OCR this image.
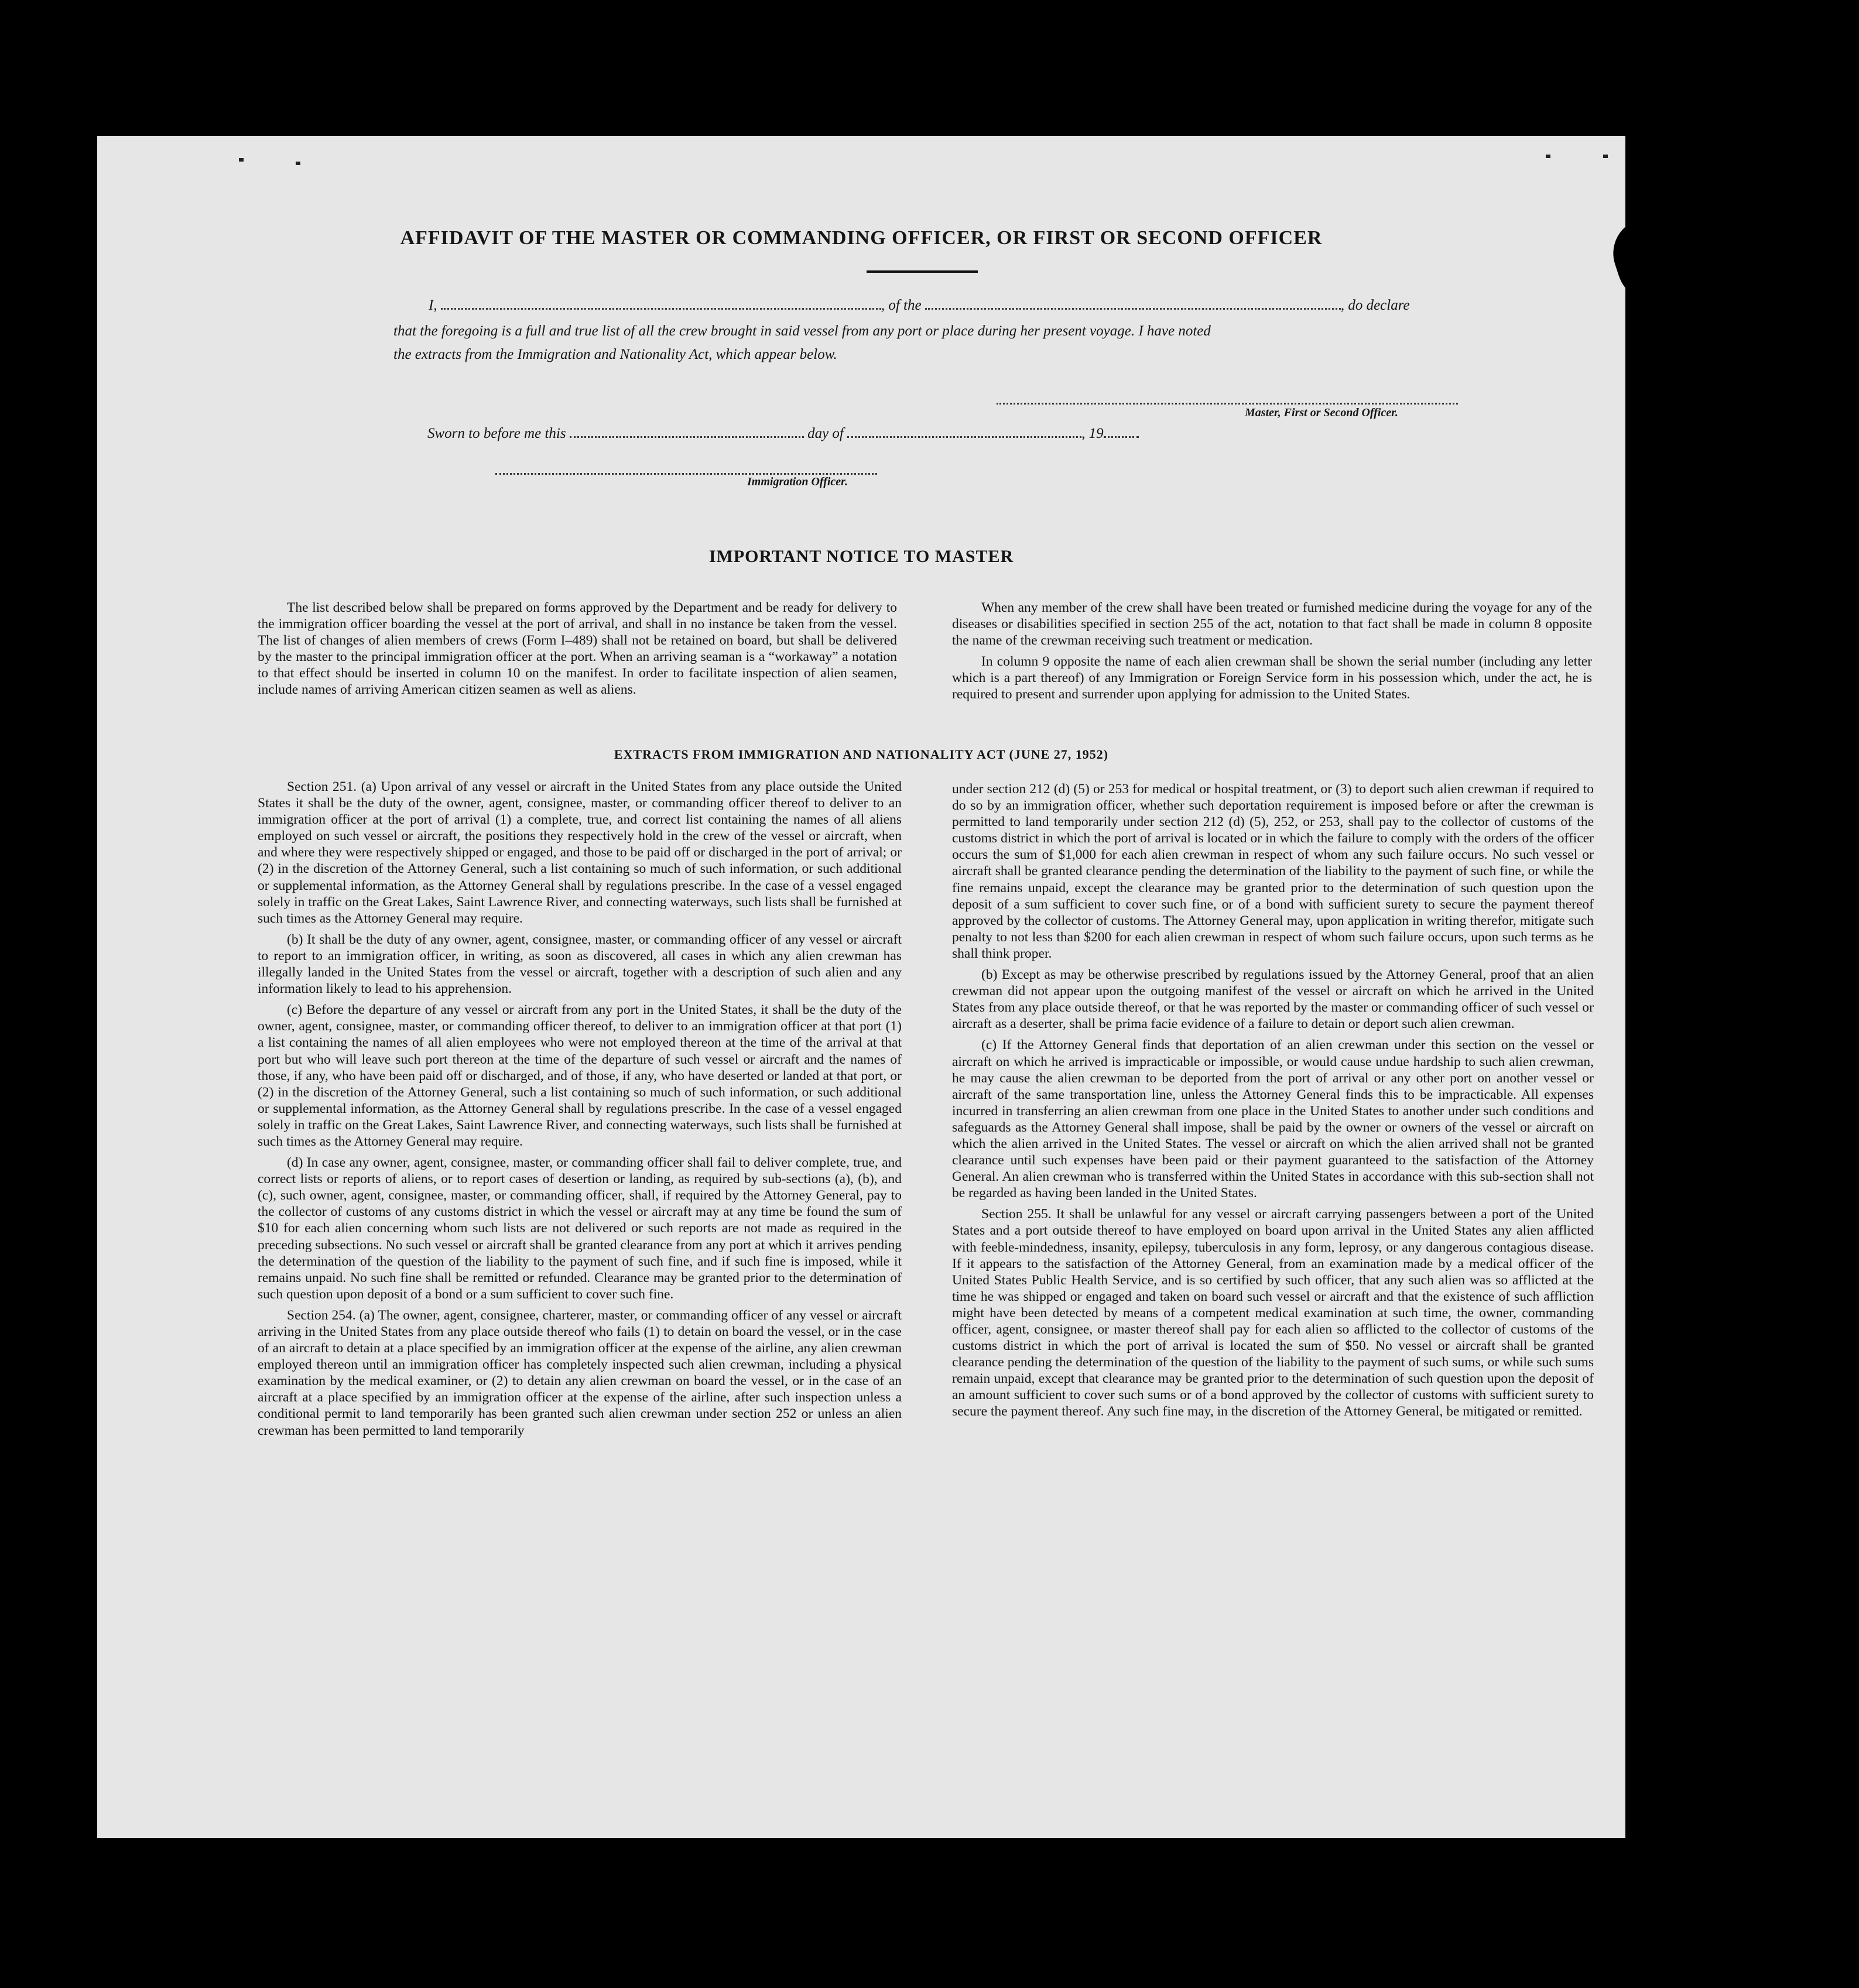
AFFIDAVIT OF THE MASTER OR COMMANDING OFFICER, OR FIRST OR SECOND OFFICER
I,	, of the	, do declare
that the foregoing is a full and true list of all the crew brought in said vessel from any port or place during her present voyage. I have noted
the extracts from the Immigration and Nationality Act, which appear below.
Master, First or Second Officer.
Sworn to before me this	day of	, 19
Immigration Officer.
IMPORTANT NOTICE TO MASTER

The list described below shall be prepared on forms approved by the Department and be ready for delivery to the immigration officer boarding the vessel at the port of arrival, and shall in no instance be taken from the vessel. The list of changes of alien members of crews (Form I–489) shall not be retained on board, but shall be delivered by the master to the principal immigration officer at the port. When an arriving seaman is a “workaway” a notation to that effect should be inserted in column 10 on the manifest. In order to facilitate inspection of alien seamen, include names of arriving American citizen seamen as well as aliens.

When any member of the crew shall have been treated or furnished medicine during the voyage for any of the diseases or disabilities specified in section 255 of the act, notation to that fact shall be made in column 8 opposite the name of the crewman receiving such treatment or medication.

In column 9 opposite the name of each alien crewman shall be shown the serial number (including any letter which is a part thereof) of any Immigration or Foreign Service form in his possession which, under the act, he is required to present and surrender upon applying for admission to the United States.

EXTRACTS FROM IMMIGRATION AND NATIONALITY ACT (JUNE 27, 1952)

Section 251. (a) Upon arrival of any vessel or aircraft in the United States from any place outside the United States it shall be the duty of the owner, agent, consignee, master, or commanding officer thereof to deliver to an immigration officer at the port of arrival (1) a complete, true, and correct list containing the names of all aliens employed on such vessel or aircraft, the positions they respectively hold in the crew of the vessel or aircraft, when and where they were respectively shipped or engaged, and those to be paid off or discharged in the port of arrival; or (2) in the discretion of the Attorney General, such a list containing so much of such information, or such additional or supplemental information, as the Attorney General shall by regulations prescribe. In the case of a vessel engaged solely in traffic on the Great Lakes, Saint Lawrence River, and connecting waterways, such lists shall be furnished at such times as the Attorney General may require.

(b) It shall be the duty of any owner, agent, consignee, master, or commanding officer of any vessel or aircraft to report to an immigration officer, in writing, as soon as discovered, all cases in which any alien crewman has illegally landed in the United States from the vessel or aircraft, together with a description of such alien and any information likely to lead to his apprehension.

(c) Before the departure of any vessel or aircraft from any port in the United States, it shall be the duty of the owner, agent, consignee, master, or commanding officer thereof, to deliver to an immigration officer at that port (1) a list containing the names of all alien employees who were not employed thereon at the time of the arrival at that port but who will leave such port thereon at the time of the departure of such vessel or aircraft and the names of those, if any, who have been paid off or discharged, and of those, if any, who have deserted or landed at that port, or (2) in the discretion of the Attorney General, such a list containing so much of such information, or such additional or supplemental information, as the Attorney General shall by regulations prescribe. In the case of a vessel engaged solely in traffic on the Great Lakes, Saint Lawrence River, and connecting waterways, such lists shall be furnished at such times as the Attorney General may require.

(d) In case any owner, agent, consignee, master, or commanding officer shall fail to deliver complete, true, and correct lists or reports of aliens, or to report cases of desertion or landing, as required by sub-sections (a), (b), and (c), such owner, agent, consignee, master, or commanding officer, shall, if required by the Attorney General, pay to the collector of customs of any customs district in which the vessel or aircraft may at any time be found the sum of $10 for each alien concerning whom such lists are not delivered or such reports are not made as required in the preceding subsections. No such vessel or aircraft shall be granted clearance from any port at which it arrives pending the determination of the question of the liability to the payment of such fine, and if such fine is imposed, while it remains unpaid. No such fine shall be remitted or refunded. Clearance may be granted prior to the determination of such question upon deposit of a bond or a sum sufficient to cover such fine.

Section 254. (a) The owner, agent, consignee, charterer, master, or commanding officer of any vessel or aircraft arriving in the United States from any place outside thereof who fails (1) to detain on board the vessel, or in the case of an aircraft to detain at a place specified by an immigration officer at the expense of the airline, any alien crewman employed thereon until an immigration officer has completely inspected such alien crewman, including a physical examination by the medical examiner, or (2) to detain any alien crewman on board the vessel, or in the case of an aircraft at a place specified by an immigration officer at the expense of the airline, after such inspection unless a conditional permit to land temporarily has been granted such alien crewman under section 252 or unless an alien crewman has been permitted to land temporarily

under section 212 (d) (5) or 253 for medical or hospital treatment, or (3) to deport such alien crewman if required to do so by an immigration officer, whether such deportation requirement is imposed before or after the crewman is permitted to land temporarily under section 212 (d) (5), 252, or 253, shall pay to the collector of customs of the customs district in which the port of arrival is located or in which the failure to comply with the orders of the officer occurs the sum of $1,000 for each alien crewman in respect of whom any such failure occurs. No such vessel or aircraft shall be granted clearance pending the determination of the liability to the payment of such fine, or while the fine remains unpaid, except the clearance may be granted prior to the determination of such question upon the deposit of a sum sufficient to cover such fine, or of a bond with sufficient surety to secure the payment thereof approved by the collector of customs. The Attorney General may, upon application in writing therefor, mitigate such penalty to not less than $200 for each alien crewman in respect of whom such failure occurs, upon such terms as he shall think proper.

(b) Except as may be otherwise prescribed by regulations issued by the Attorney General, proof that an alien crewman did not appear upon the outgoing manifest of the vessel or aircraft on which he arrived in the United States from any place outside thereof, or that he was reported by the master or commanding officer of such vessel or aircraft as a deserter, shall be prima facie evidence of a failure to detain or deport such alien crewman.

(c) If the Attorney General finds that deportation of an alien crewman under this section on the vessel or aircraft on which he arrived is impracticable or impossible, or would cause undue hardship to such alien crewman, he may cause the alien crewman to be deported from the port of arrival or any other port on another vessel or aircraft of the same transportation line, unless the Attorney General finds this to be impracticable. All expenses incurred in transferring an alien crewman from one place in the United States to another under such conditions and safeguards as the Attorney General shall impose, shall be paid by the owner or owners of the vessel or aircraft on which the alien arrived in the United States. The vessel or aircraft on which the alien arrived shall not be granted clearance until such expenses have been paid or their payment guaranteed to the satisfaction of the Attorney General. An alien crewman who is transferred within the United States in accordance with this sub-section shall not be regarded as having been landed in the United States.

Section 255. It shall be unlawful for any vessel or aircraft carrying passengers between a port of the United States and a port outside thereof to have employed on board upon arrival in the United States any alien afflicted with feeble-mindedness, insanity, epilepsy, tuberculosis in any form, leprosy, or any dangerous contagious disease. If it appears to the satisfaction of the Attorney General, from an examination made by a medical officer of the United States Public Health Service, and is so certified by such officer, that any such alien was so afflicted at the time he was shipped or engaged and taken on board such vessel or aircraft and that the existence of such affliction might have been detected by means of a competent medical examination at such time, the owner, commanding officer, agent, consignee, or master thereof shall pay for each alien so afflicted to the collector of customs of the customs district in which the port of arrival is located the sum of $50. No vessel or aircraft shall be granted clearance pending the determination of the question of the liability to the payment of such sums, or while such sums remain unpaid, except that clearance may be granted prior to the determination of such question upon the deposit of an amount sufficient to cover such sums or of a bond approved by the collector of customs with sufficient surety to secure the payment thereof. Any such fine may, in the discretion of the Attorney General, be mitigated or remitted.
